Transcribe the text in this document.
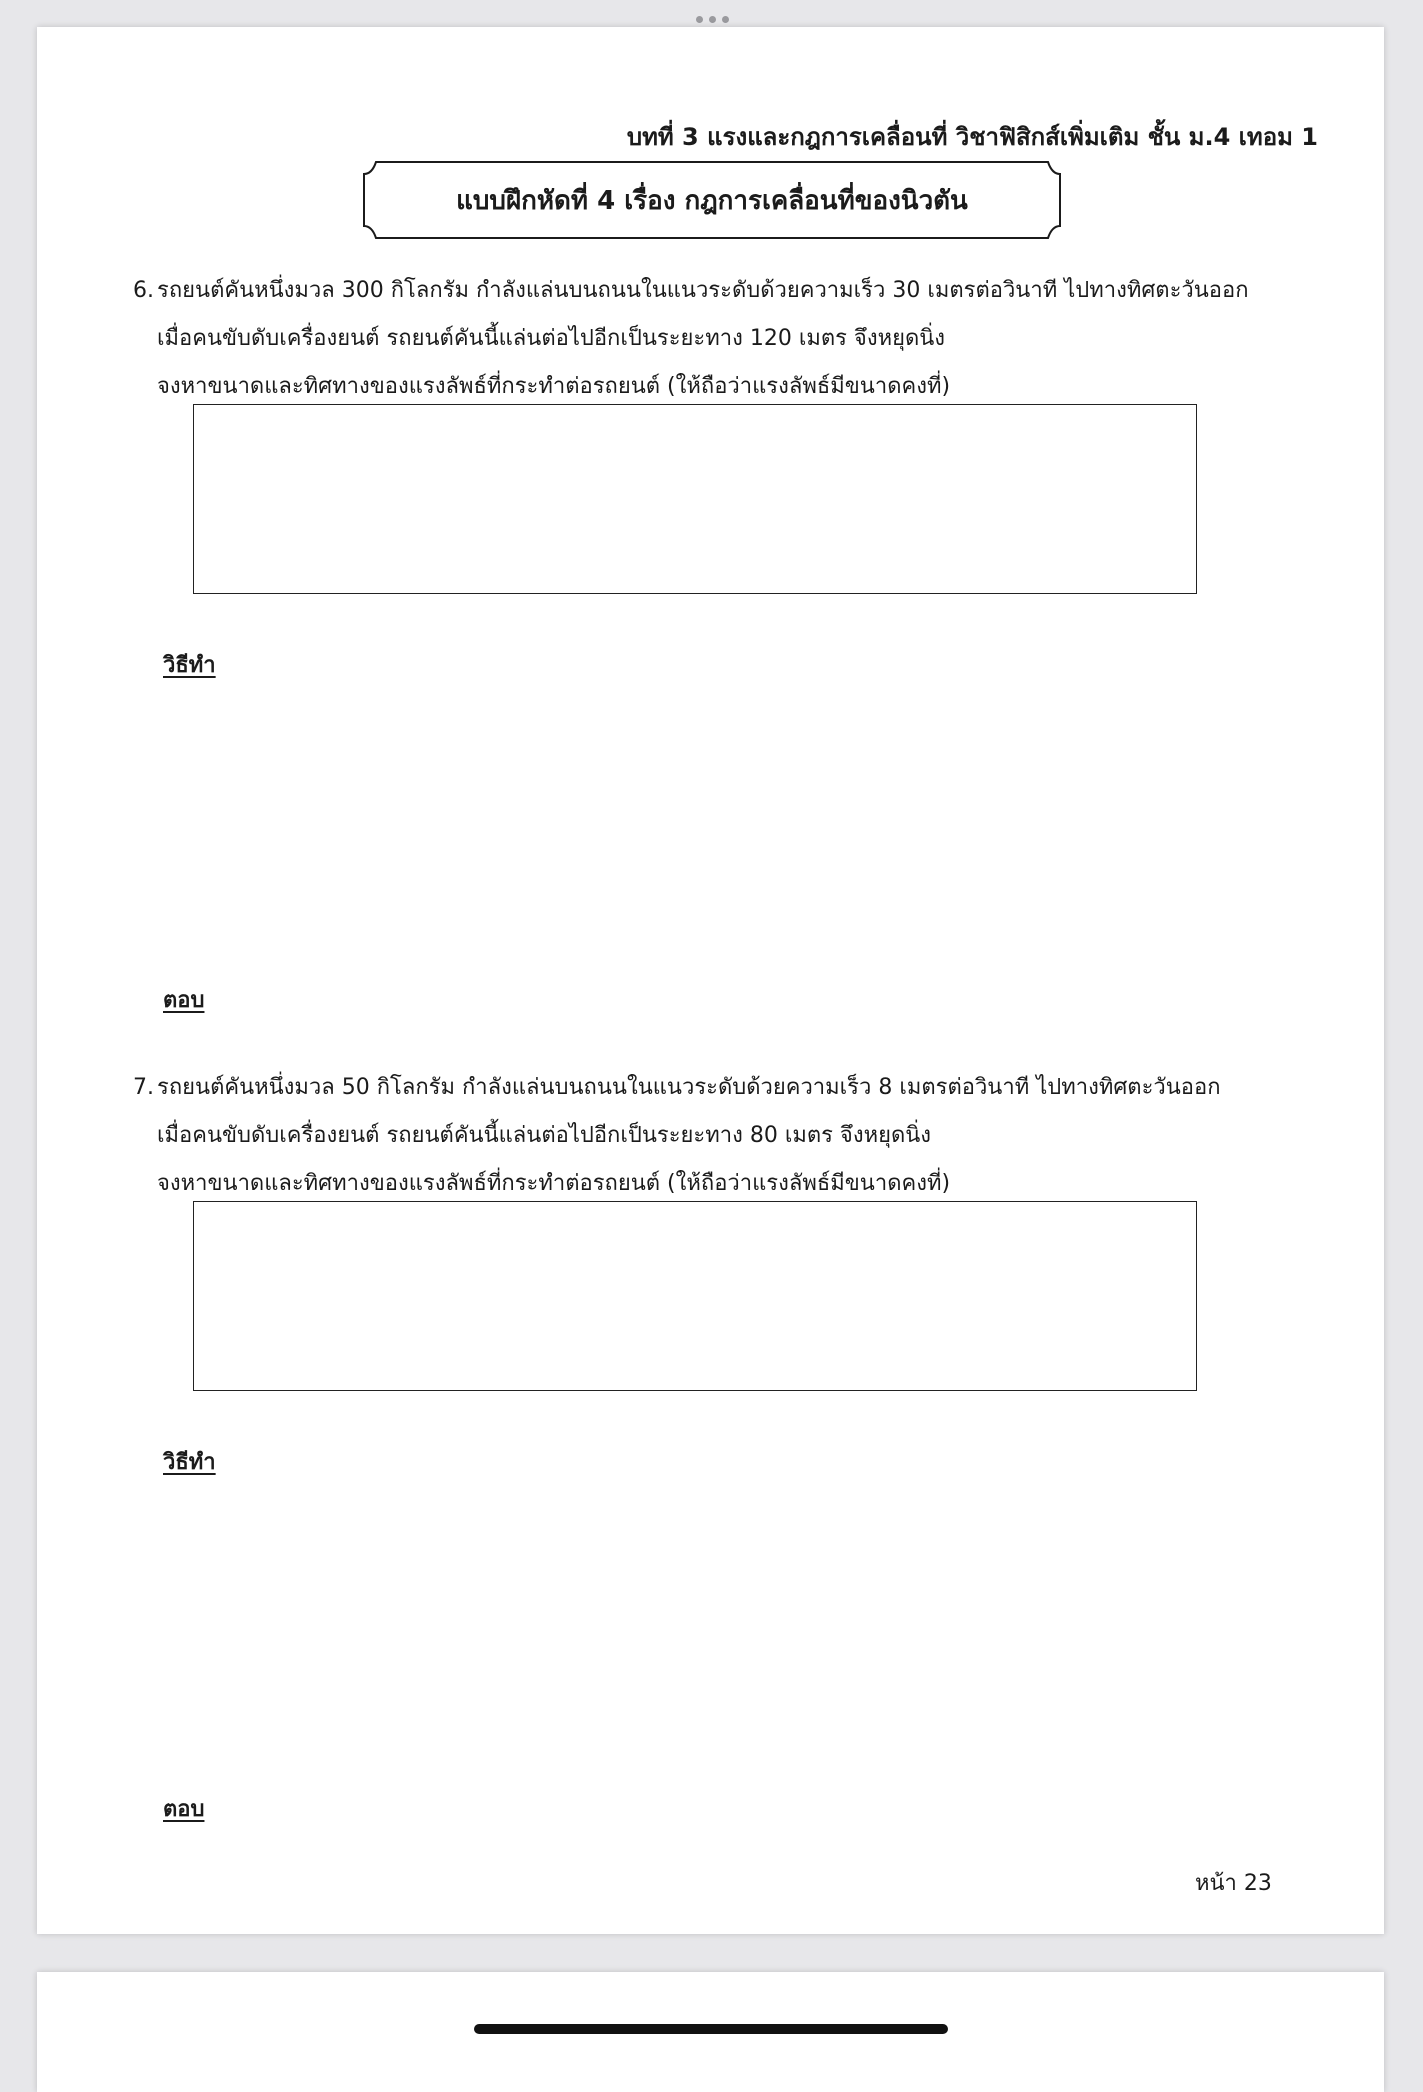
บทที่ 3 แรงและกฎการเคลื่อนที่ วิชาฟิสิกส์เพิ่มเติม ชั้น ม.4 เทอม 1
แบบฝึกหัดที่ 4 เรื่อง กฎการเคลื่อนที่ของนิวตัน
6. รถยนต์คันหนึ่งมวล 300 กิโลกรัม กำลังแล่นบนถนนในแนวระดับด้วยความเร็ว 30 เมตรต่อวินาที ไปทางทิศตะวันออก
เมื่อคนขับดับเครื่องยนต์ รถยนต์คันนี้แล่นต่อไปอีกเป็นระยะทาง 120 เมตร จึงหยุดนิ่ง
จงหาขนาดและทิศทางของแรงลัพธ์ที่กระทำต่อรถยนต์ (ให้ถือว่าแรงลัพธ์มีขนาดคงที่)
วิธีทำ
ตอบ
7. รถยนต์คันหนึ่งมวล 50 กิโลกรัม กำลังแล่นบนถนนในแนวระดับด้วยความเร็ว 8 เมตรต่อวินาที ไปทางทิศตะวันออก
เมื่อคนขับดับเครื่องยนต์ รถยนต์คันนี้แล่นต่อไปอีกเป็นระยะทาง 80 เมตร จึงหยุดนิ่ง
จงหาขนาดและทิศทางของแรงลัพธ์ที่กระทำต่อรถยนต์ (ให้ถือว่าแรงลัพธ์มีขนาดคงที่)
วิธีทำ
ตอบ
หน้า 23
